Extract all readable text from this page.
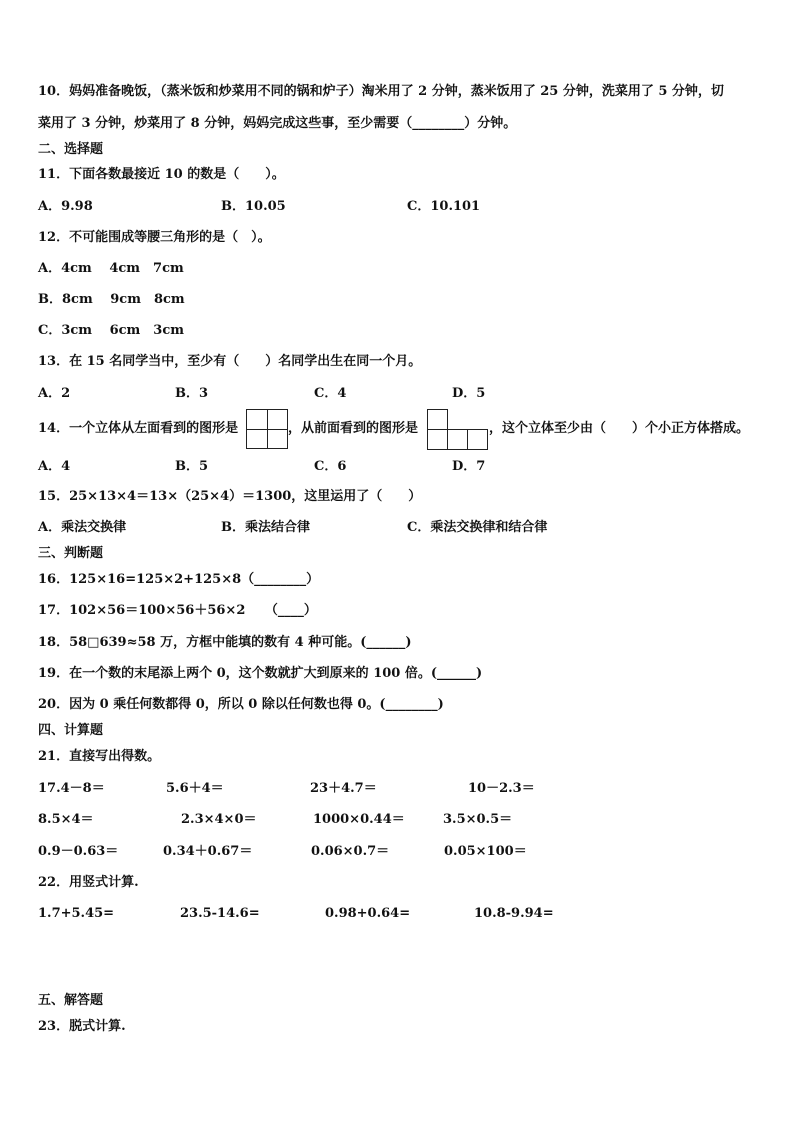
10．妈妈准备晚饭，（蒸米饭和炒菜用不同的锅和炉子）淘米用了 2 分钟，蒸米饭用了 25 分钟，洗菜用了 5 分钟，切
菜用了 3 分钟，炒菜用了 8 分钟，妈妈完成这些事，至少需要（________）分钟。
二、选择题
11．下面各数最接近 10 的数是（　　）。
A．9.98	B．10.05	C．10.101
12．不可能围成等腰三角形的是（　）。
A．4cm　 4cm　7cm
B．8cm　 9cm　8cm
C．3cm　 6cm　3cm
13．在 15 名同学当中，至少有（　　）名同学出生在同一个月。
A．2	B．3	C．4	D．5
14．一个立体从左面看到的图形是	，从前面看到的图形是	，这个立体至少由（　　）个小正方体搭成。
A．4	B．5	C．6	D．7
15．25×13×4＝13×（25×4）＝1300，这里运用了（　　）
A．乘法交换律	B．乘法结合律	C．乘法交换律和结合律
三、判断题
16．125×16=125×2+125×8（________）
17．102×56＝100×56＋56×2　　（____）
18．58□639≈58 万，方框中能填的数有 4 种可能。(______)
19．在一个数的末尾添上两个 0，这个数就扩大到原来的 100 倍。(______)
20．因为 0 乘任何数都得 0，所以 0 除以任何数也得 0。(________)
四、计算题
21．直接写出得数。
17.4－8＝	5.6＋4＝	23＋4.7＝	10－2.3＝
8.5×4＝	2.3×4×0＝	1000×0.44＝	3.5×0.5＝
0.9－0.63＝	0.34＋0.67＝	0.06×0.7＝	0.05×100＝
22．用竖式计算.
1.7+5.45=	23.5-14.6=	0.98+0.64=	10.8-9.94=
五、解答题
23．脱式计算.
